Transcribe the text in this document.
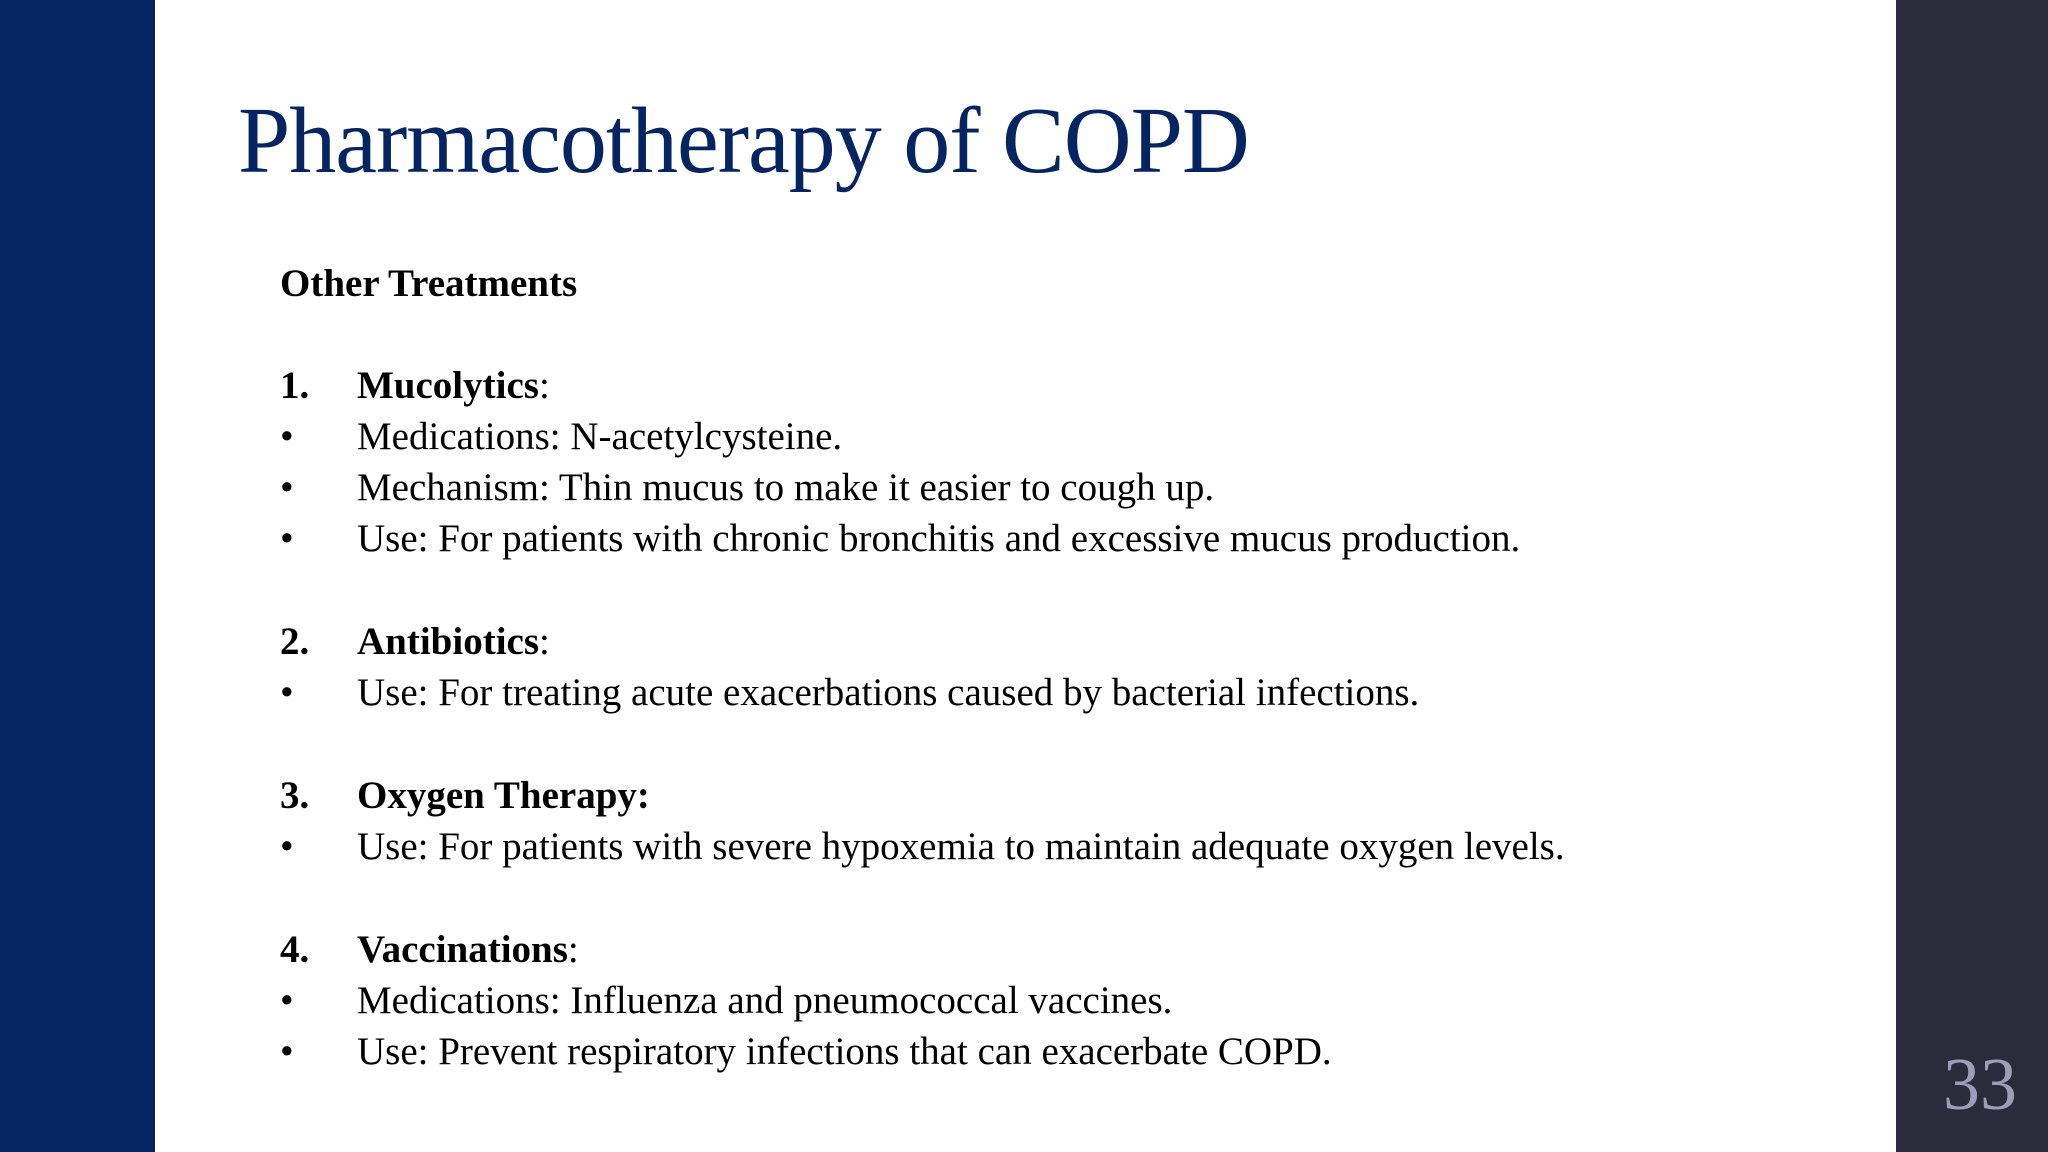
33
Pharmacotherapy of COPD
Other Treatments
1. Mucolytics:
• Medications: N-acetylcysteine.
• Mechanism: Thin mucus to make it easier to cough up.
• Use: For patients with chronic bronchitis and excessive mucus production.
2. Antibiotics:
• Use: For treating acute exacerbations caused by bacterial infections.
3. Oxygen Therapy:
• Use: For patients with severe hypoxemia to maintain adequate oxygen levels.
4. Vaccinations:
• Medications: Influenza and pneumococcal vaccines.
• Use: Prevent respiratory infections that can exacerbate COPD.
